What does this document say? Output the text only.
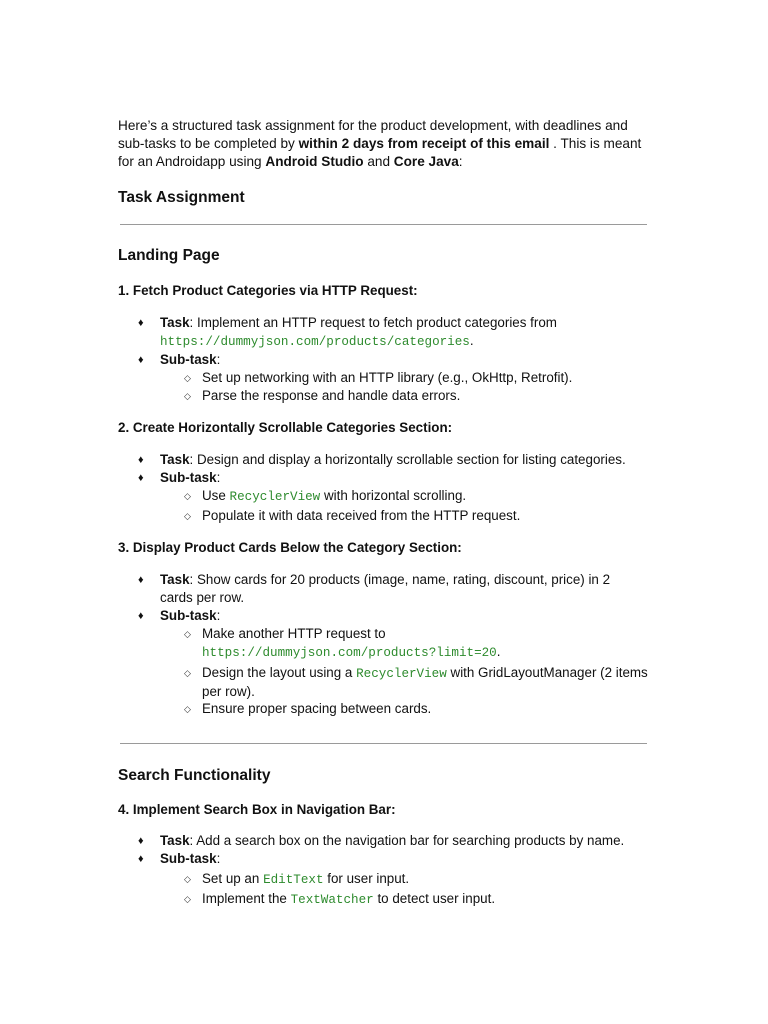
Here’s a structured task assignment for the product development, with deadlines and sub-tasks to be completed by within 2 days from receipt of this email . This is meant for an Androidapp using Android Studio and Core Java:
Task Assignment
Landing Page
1. Fetch Product Categories via HTTP Request:
♦ Task: Implement an HTTP request to fetch product categories from
https://dummyjson.com/products/categories.
♦ Sub-task:
◇ Set up networking with an HTTP library (e.g., OkHttp, Retrofit).
◇ Parse the response and handle data errors.
2. Create Horizontally Scrollable Categories Section:
♦ Task: Design and display a horizontally scrollable section for listing categories.
♦ Sub-task:
◇ Use RecyclerView with horizontal scrolling.
◇ Populate it with data received from the HTTP request.
3. Display Product Cards Below the Category Section:
♦ Task: Show cards for 20 products (image, name, rating, discount, price) in 2 cards per row.
♦ Sub-task:
◇ Make another HTTP request to
https://dummyjson.com/products?limit=20.
◇ Design the layout using a RecyclerView with GridLayoutManager (2 items per row).
◇ Ensure proper spacing between cards.
Search Functionality
4. Implement Search Box in Navigation Bar:
♦ Task: Add a search box on the navigation bar for searching products by name.
♦ Sub-task:
◇ Set up an EditText for user input.
◇ Implement the TextWatcher to detect user input.
